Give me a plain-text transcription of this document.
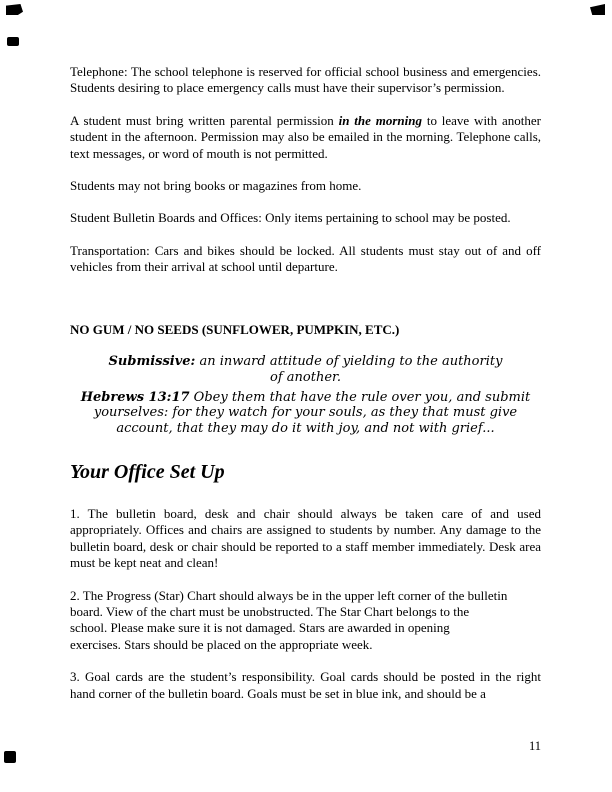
Telephone: The school telephone is reserved for official school business and emergencies. Students desiring to place emergency calls must have their supervisor’s permission.

A student must bring written parental permission in the morning to leave with another student in the afternoon. Permission may also be emailed in the morning. Telephone calls, text messages, or word of mouth is not permitted.

Students may not bring books or magazines from home.

Student Bulletin Boards and Offices: Only items pertaining to school may be posted.

Transportation: Cars and bikes should be locked. All students must stay out of and off vehicles from their arrival at school until departure.

NO GUM / NO SEEDS (SUNFLOWER, PUMPKIN, ETC.)

Submissive: an inward attitude of yielding to the authority of another.
Hebrews 13:17 Obey them that have the rule over you, and submit yourselves: for they watch for your souls, as they that must give account, that they may do it with joy, and not with grief...
Your Office Set Up

1. The bulletin board, desk and chair should always be taken care of and used appropriately. Offices and chairs are assigned to students by number. Any damage to the bulletin board, desk or chair should be reported to a staff member immediately. Desk area must be kept neat and clean!

2. The Progress (Star) Chart should always be in the upper left corner of the bulletin
board. View of the chart must be unobstructed. The Star Chart belongs to the
school. Please make sure it is not damaged. Stars are awarded in opening
exercises. Stars should be placed on the appropriate week.

3. Goal cards are the student’s responsibility. Goal cards should be posted in the right hand corner of the bulletin board. Goals must be set in blue ink, and should be a

11
